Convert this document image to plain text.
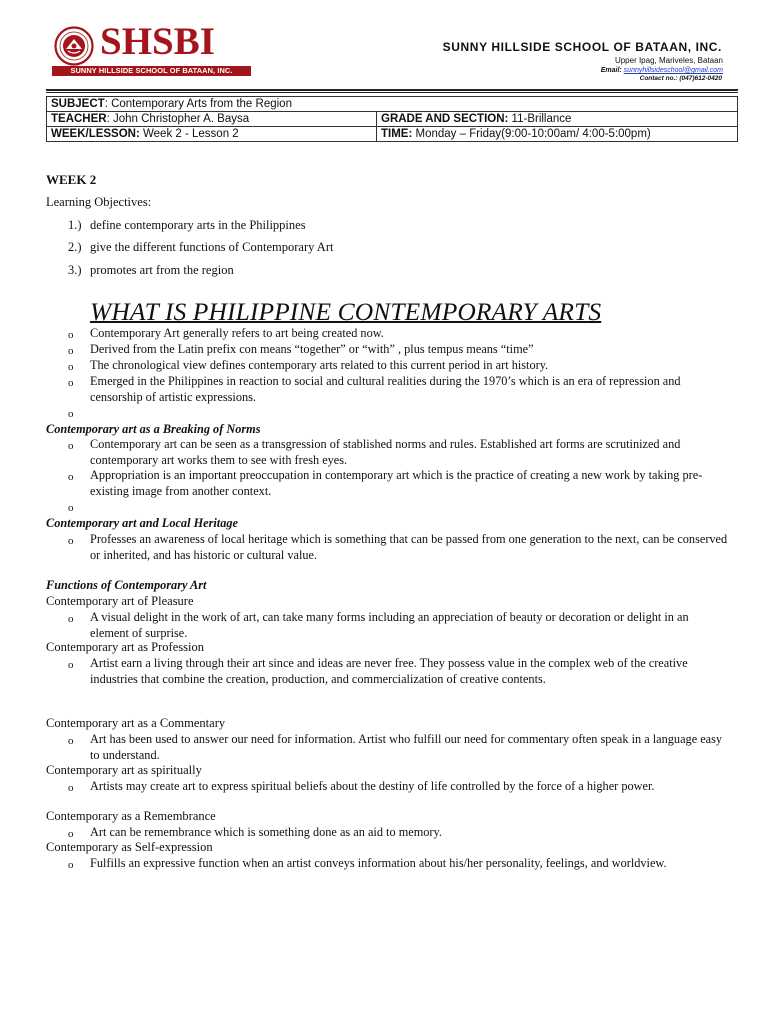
SHSBI
SUNNY HILLSIDE SCHOOL OF BATAAN, INC.
SUNNY HILLSIDE SCHOOL OF BATAAN, INC.
Upper Ipag, Mariveles, Bataan
Email: sunnyhillsideschool@gmail.com
Contact no.: (047)612-0420
SUBJECT: Contemporary Arts from the Region	
TEACHER: John Christopher A. Baysa	GRADE AND SECTION: 11-Brillance
WEEK/LESSON: Week 2 - Lesson 2	TIME: Monday – Friday(9:00-10:00am/ 4:00-5:00pm)
WEEK 2
Learning Objectives:
1.) define contemporary arts in the Philippines
2.) give the different functions of Contemporary Art
3.) promotes art from the region
WHAT IS PHILIPPINE CONTEMPORARY ARTS
o Contemporary Art generally refers to art being created now.
o Derived from the Latin prefix con means “together” or “with” , plus tempus means “time”
o The chronological view defines contemporary arts related to this current period in art history.
o Emerged in the Philippines in reaction to social and cultural realities during the 1970’s which is an era of repression and censorship of artistic expressions.
o
Contemporary art as a Breaking of Norms
o Contemporary art can be seen as a transgression of stablished norms and rules. Established art forms are scrutinized and contemporary art works them to see with fresh eyes.
o Appropriation is an important preoccupation in contemporary art which is the practice of creating a new work by taking pre-existing image from another context.
o
Contemporary art and Local Heritage
o Professes an awareness of local heritage which is something that can be passed from one generation to the next, can be conserved or inherited, and has historic or cultural value.
Functions of Contemporary Art
Contemporary art of Pleasure
o A visual delight in the work of art, can take many forms including an appreciation of beauty or decoration or delight in an element of surprise.
Contemporary art as Profession
o Artist earn a living through their art since and ideas are never free. They possess value in the complex web of the creative industries that combine the creation, production, and commercialization of creative contents.
Contemporary art as a Commentary
o Art has been used to answer our need for information. Artist who fulfill our need for commentary often speak in a language easy to understand.
Contemporary art as spiritually
o Artists may create art to express spiritual beliefs about the destiny of life controlled by the force of a higher power.
Contemporary as a Remembrance
o Art can be remembrance which is something done as an aid to memory.
Contemporary as Self-expression
o Fulfills an expressive function when an artist conveys information about his/her personality, feelings, and worldview.
